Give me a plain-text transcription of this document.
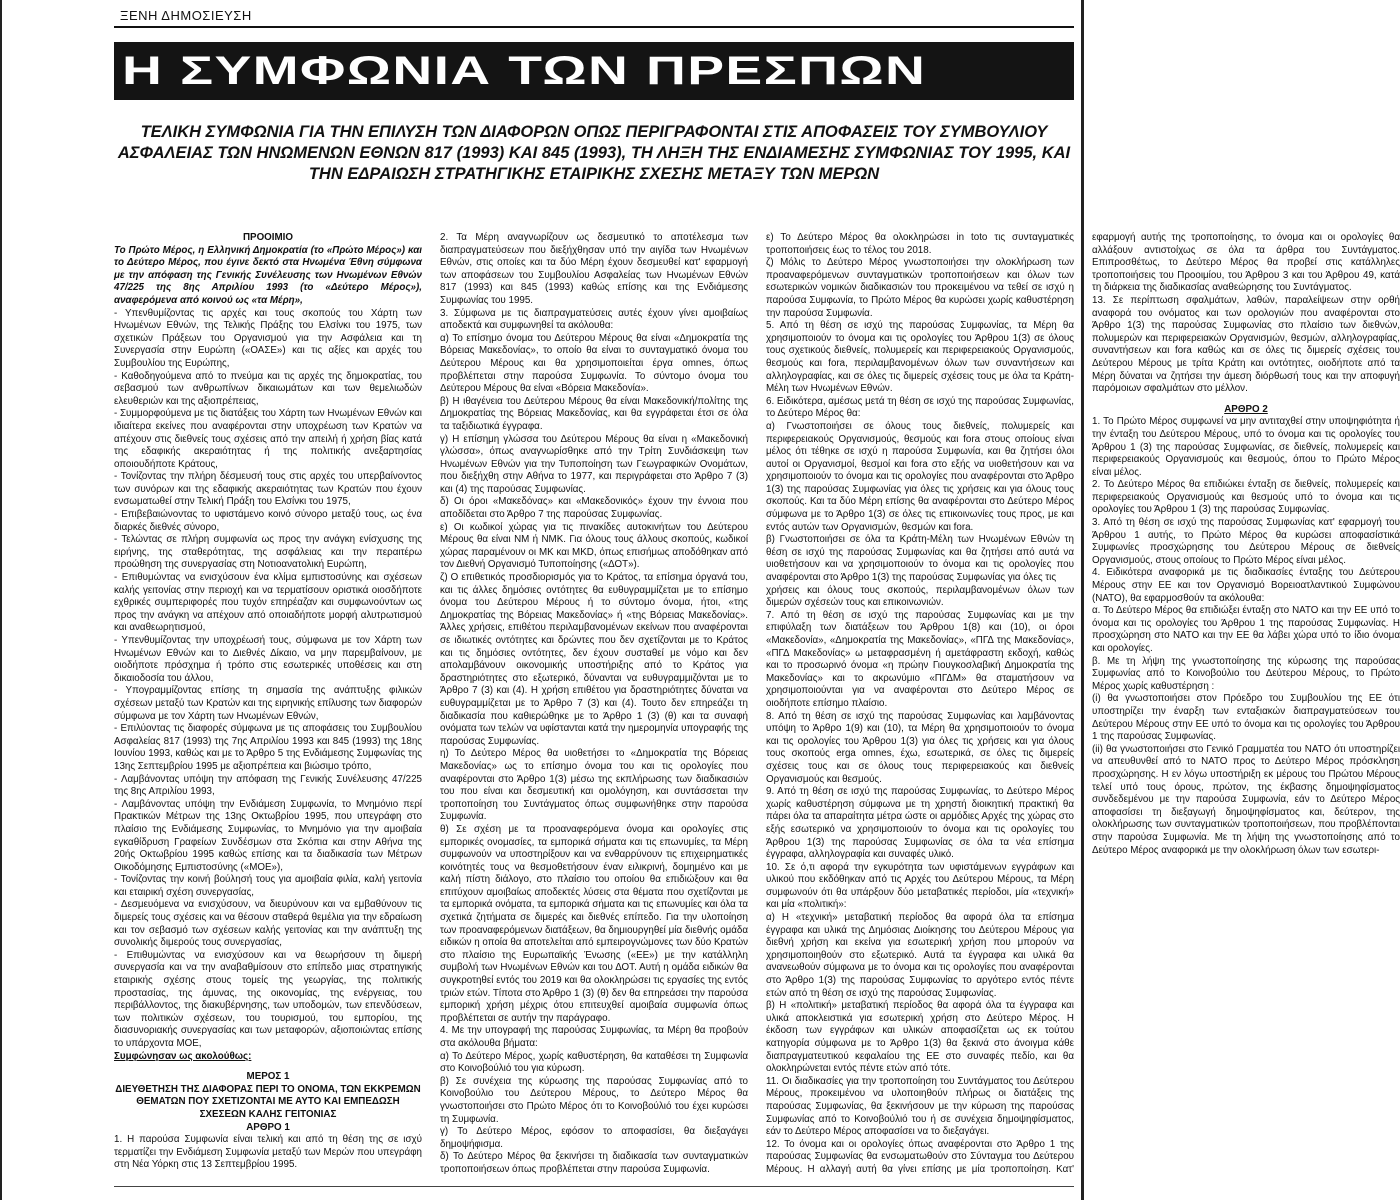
ΞΕΝΗ ΔΗΜΟΣΙΕΥΣΗ
Η ΣΥΜΦΩΝΙΑ ΤΩΝ ΠΡΕΣΠΩΝ
ΤΕΛΙΚΗ ΣΥΜΦΩΝΙΑ ΓΙΑ ΤΗΝ ΕΠΙΛΥΣΗ ΤΩΝ ΔΙΑΦΟΡΩΝ ΟΠΩΣ ΠΕΡΙΓΡΑΦΟΝΤΑΙ ΣΤΙΣ ΑΠΟΦΑΣΕΙΣ ΤΟΥ ΣΥΜΒΟΥΛΙΟΥ ΑΣΦΑΛΕΙΑΣ ΤΩΝ ΗΝΩΜΕΝΩΝ ΕΘΝΩΝ 817 (1993) ΚΑΙ 845 (1993), ΤΗ ΛΗΞΗ ΤΗΣ ΕΝΔΙΑΜΕΣΗΣ ΣΥΜΦΩΝΙΑΣ ΤΟΥ 1995, ΚΑΙ ΤΗΝ ΕΔΡΑΙΩΣΗ ΣΤΡΑΤΗΓΙΚΗΣ ΕΤΑΙΡΙΚΗΣ ΣΧΕΣΗΣ ΜΕΤΑΞΥ ΤΩΝ ΜΕΡΩΝ

ΠΡΟΟΙΜΙΟ

Το Πρώτο Μέρος, η Ελληνική Δημοκρατία (το «Πρώτο Μέρος») και το Δεύτερο Μέρος, που έγινε δεκτό στα Ηνωμένα Έθνη σύμφωνα με την απόφαση της Γενικής Συνέλευσης των Ηνωμένων Εθνών 47/225 της 8ης Απριλίου 1993 (το «Δεύτερο Μέρος»), αναφερόμενα από κοινού ως «τα Μέρη»,

- Υπενθυμίζοντας τις αρχές και τους σκοπούς του Χάρτη των Ηνωμένων Εθνών, της Τελικής Πράξης του Ελσίνκι του 1975, των σχετικών Πράξεων του Οργανισμού για την Ασφάλεια και τη Συνεργασία στην Ευρώπη («ΟΑΣΕ») και τις αξίες και αρχές του Συμβουλίου της Ευρώπης,

- Καθοδηγούμενα από το πνεύμα και τις αρχές της δημοκρατίας, του σεβασμού των ανθρωπίνων δικαιωμάτων και των θεμελιωδών ελευθεριών και της αξιοπρέπειας,

- Συμμορφούμενα με τις διατάξεις του Χάρτη των Ηνωμένων Εθνών και ιδιαίτερα εκείνες που αναφέρονται στην υποχρέωση των Κρατών να απέχουν στις διεθνείς τους σχέσεις από την απειλή ή χρήση βίας κατά της εδαφικής ακεραιότητας ή της πολιτικής ανεξαρτησίας οποιουδήποτε Κράτους,

- Τονίζοντας την πλήρη δέσμευσή τους στις αρχές του υπερβαίνοντος των συνόρων και της εδαφικής ακεραιότητας των Κρατών που έχουν ενσωματωθεί στην Τελική Πράξη του Ελσίνκι του 1975,

- Επιβεβαιώνοντας το υφιστάμενο κοινό σύνορο μεταξύ τους, ως ένα διαρκές διεθνές σύνορο,

- Τελώντας σε πλήρη συμφωνία ως προς την ανάγκη ενίσχυσης της ειρήνης, της σταθερότητας, της ασφάλειας και την περαιτέρω προώθηση της συνεργασίας στη Νοτιοανατολική Ευρώπη,

- Επιθυμώντας να ενισχύσουν ένα κλίμα εμπιστοσύνης και σχέσεων καλής γειτονίας στην περιοχή και να τερματίσουν οριστικά οιοσδήποτε εχθρικές συμπεριφορές που τυχόν επηρέαζαν και συμφωνούντων ως προς την ανάγκη να απέχουν από οποιαδήποτε μορφή αλυτρωτισμού και αναθεωρητισμού,

- Υπενθυμίζοντας την υποχρέωσή τους, σύμφωνα με τον Χάρτη των Ηνωμένων Εθνών και το Διεθνές Δίκαιο, να μην παρεμβαίνουν, με οιοδήποτε πρόσχημα ή τρόπο στις εσωτερικές υποθέσεις και στη δικαιοδοσία του άλλου,

- Υπογραμμίζοντας επίσης τη σημασία της ανάπτυξης φιλικών σχέσεων μεταξύ των Κρατών και της ειρηνικής επίλυσης των διαφορών σύμφωνα με τον Χάρτη των Ηνωμένων Εθνών,

- Επιλύοντας τις διαφορές σύμφωνα με τις αποφάσεις του Συμβουλίου Ασφαλείας 817 (1993) της 7ης Απριλίου 1993 και 845 (1993) της 18ης Ιουνίου 1993, καθώς και με το Άρθρο 5 της Ενδιάμεσης Συμφωνίας της 13ης Σεπτεμβρίου 1995 με αξιοπρέπεια και βιώσιμο τρόπο,

- Λαμβάνοντας υπόψη την απόφαση της Γενικής Συνέλευσης 47/225 της 8ης Απριλίου 1993,

- Λαμβάνοντας υπόψη την Ενδιάμεση Συμφωνία, το Μνημόνιο περί Πρακτικών Μέτρων της 13ης Οκτωβρίου 1995, που υπεγράφη στο πλαίσιο της Ενδιάμεσης Συμφωνίας, το Μνημόνιο για την αμοιβαία εγκαθίδρυση Γραφείων Συνδέσμων στα Σκόπια και στην Αθήνα της 20ής Οκτωβρίου 1995 καθώς επίσης και τα διαδικασία των Μέτρων Οικοδόμησης Εμπιστοσύνης («ΜΟΕ»),

- Τονίζοντας την κοινή βούλησή τους για αμοιβαία φιλία, καλή γειτονία και εταιρική σχέση συνεργασίας,

- Δεσμευόμενα να ενισχύσουν, να διευρύνουν και να εμβαθύνουν τις διμερείς τους σχέσεις και να θέσουν σταθερά θεμέλια για την εδραίωση και τον σεβασμό των σχέσεων καλής γειτονίας και την ανάπτυξη της συνολικής διμερούς τους συνεργασίας,

- Επιθυμώντας να ενισχύσουν και να θεωρήσουν τη διμερή συνεργασία και να την αναβαθμίσουν στο επίπεδο μιας στρατηγικής εταιρικής σχέσης στους τομείς της γεωργίας, της πολιτικής προστασίας, της άμυνας, της οικονομίας, της ενέργειας, του περιβάλλοντος, της διακυβέρνησης, των υποδομών, των επενδύσεων, των πολιτικών σχέσεων, του τουρισμού, του εμπορίου, της διασυνοριακής συνεργασίας και των μεταφορών, αξιοποιώντας επίσης το υπάρχοντα ΜΟΕ,

Συμφώνησαν ως ακολούθως:

ΜΕΡΟΣ 1

ΔΙΕΥΘΕΤΗΣΗ ΤΗΣ ΔΙΑΦΟΡΑΣ ΠΕΡΙ ΤΟ ΟΝΟΜΑ, ΤΩΝ ΕΚΚΡΕΜΩΝ ΘΕΜΑΤΩΝ ΠΟΥ ΣΧΕΤΙΖΟΝΤΑΙ ΜΕ ΑΥΤΟ ΚΑΙ ΕΜΠΕΔΩΣΗ ΣΧΕΣΕΩΝ ΚΑΛΗΣ ΓΕΙΤΟΝΙΑΣ

ΑΡΘΡΟ 1

1. Η παρούσα Συμφωνία είναι τελική και από τη θέση της σε ισχύ τερματίζει την Ενδιάμεση Συμφωνία μεταξύ των Μερών που υπεγράφη στη Νέα Υόρκη στις 13 Σεπτεμβρίου 1995.

2. Τα Μέρη αναγνωρίζουν ως δεσμευτικό το αποτέλεσμα των διαπραγματεύσεων που διεξήχθησαν υπό την αιγίδα των Ηνωμένων Εθνών, στις οποίες και τα δύο Μέρη έχουν δεσμευθεί κατ' εφαρμογή των αποφάσεων του Συμβουλίου Ασφαλείας των Ηνωμένων Εθνών 817 (1993) και 845 (1993) καθώς επίσης και της Ενδιάμεσης Συμφωνίας του 1995.

3. Σύμφωνα με τις διαπραγματεύσεις αυτές έχουν γίνει αμοιβαίως αποδεκτά και συμφωνηθεί τα ακόλουθα:

α) Το επίσημο όνομα του Δεύτερου Μέρους θα είναι «Δημοκρατία της Βόρειας Μακεδονίας», το οποίο θα είναι το συνταγματικό όνομα του Δεύτερου Μέρους και θα χρησιμοποιείται έργα omnes, όπως προβλέπεται στην παρούσα Συμφωνία. Το σύντομο όνομα του Δεύτερου Μέρους θα είναι «Βόρεια Μακεδονία».

β) Η ιθαγένεια του Δεύτερου Μέρους θα είναι Μακεδονική/πολίτης της Δημοκρατίας της Βόρειας Μακεδονίας, και θα εγγράφεται έτσι σε όλα τα ταξιδιωτικά έγγραφα.

γ) Η επίσημη γλώσσα του Δεύτερου Μέρους θα είναι η «Μακεδονική γλώσσα», όπως αναγνωρίσθηκε από την Τρίτη Συνδιάσκεψη των Ηνωμένων Εθνών για την Τυποποίηση των Γεωγραφικών Ονομάτων, που διεξήχθη στην Αθήνα το 1977, και περιγράφεται στο Άρθρο 7 (3) και (4) της παρούσας Συμφωνίας.

δ) Οι όροι «Μακεδόνας» και «Μακεδονικός» έχουν την έννοια που αποδίδεται στο Άρθρο 7 της παρούσας Συμφωνίας.

ε) Οι κωδικοί χώρας για τις πινακίδες αυτοκινήτων του Δεύτερου Μέρους θα είναι NM ή NMK. Για όλους τους άλλους σκοπούς, κωδικοί χώρας παραμένουν οι MK και MKD, όπως επισήμως αποδόθηκαν από τον Διεθνή Οργανισμό Τυποποίησης («ΔΟΤ»).

ζ) Ο επιθετικός προσδιορισμός για το Κράτος, τα επίσημα όργανά του, και τις άλλες δημόσιες οντότητες θα ευθυγραμμίζεται με το επίσημο όνομα του Δεύτερου Μέρους ή το σύντομο όνομα, ήτοι, «της Δημοκρατίας της Βόρειας Μακεδονίας» ή «της Βόρειας Μακεδονίας». Άλλες χρήσεις, επιθέτου περιλαμβανομένων εκείνων που αναφέρονται σε ιδιωτικές οντότητες και δρώντες που δεν σχετίζονται με το Κράτος και τις δημόσιες οντότητες, δεν έχουν συσταθεί με νόμο και δεν απολαμβάνουν οικονομικής υποστήριξης από το Κράτος για δραστηριότητες στο εξωτερικό, δύνανται να ευθυγραμμιζόνται με το Άρθρο 7 (3) και (4). Η χρήση επιθέτου για δραστηριότητες δύναται να ευθυγραμμίζεται με το Άρθρο 7 (3) και (4). Τουτο δεν επηρεάζει τη διαδικασία που καθιερώθηκε με το Άρθρο 1 (3) (θ) και τα συναφή ονόματα των τελών να υφίστανται κατά την ημερομηνία υπογραφής της παρούσας Συμφωνίας.

η) Το Δεύτερο Μέρος θα υιοθετήσει το «Δημοκρατία της Βόρειας Μακεδονίας» ως το επίσημο όνομα του και τις ορολογίες που αναφέρονται στο Άρθρο 1(3) μέσω της εκπλήρωσης των διαδικασιών του που είναι και δεσμευτική και ομολόγηση, και συντάσσεται την τροποποίηση του Συντάγματος όπως συμφωνήθηκε στην παρούσα Συμφωνία.

θ) Σε σχέση με τα προαναφερόμενα όνομα και ορολογίες στις εμπορικές ονομασίες, τα εμπορικά σήματα και τις επωνυμίες, τα Μέρη συμφωνούν να υποστηρίξουν και να ενθαρρύνουν τις επιχειρηματικές κοινότητές τους να θεσμοθετήσουν έναν ειλικρινή, δομημένο και με καλή πίστη διάλογο, στο πλαίσιο του οποίου θα επιδιώξουν και θα επιτύχουν αμοιβαίως αποδεκτές λύσεις στα θέματα που σχετίζονται με τα εμπορικά ονόματα, τα εμπορικά σήματα και τις επωνυμίες και όλα τα σχετικά ζητήματα σε διμερές και διεθνές επίπεδο. Για την υλοποίηση των προαναφερόμενων διατάξεων, θα δημιουργηθεί μία διεθνής ομάδα ειδικών η οποία θα αποτελείται από εμπειρογνώμονες των δύο Κρατών στο πλαίσιο της Ευρωπαϊκής Ένωσης («ΕΕ») με την κατάλληλη συμβολή των Ηνωμένων Εθνών και του ΔΟΤ. Αυτή η ομάδα ειδικών θα συγκροτηθεί εντός του 2019 και θα ολοκληρώσει τις εργασίες της εντός τριών ετών. Τίποτα στο Άρθρο 1 (3) (θ) δεν θα επηρεάσει την παρούσα εμπορική χρήση μέχρις ότου επιτευχθεί αμοιβαία συμφωνία όπως προβλέπεται σε αυτήν την παράγραφο.

4. Με την υπογραφή της παρούσας Συμφωνίας, τα Μέρη θα προβούν στα ακόλουθα βήματα:

α) Το Δεύτερο Μέρος, χωρίς καθυστέρηση, θα καταθέσει τη Συμφωνία στο Κοινοβούλιό του για κύρωση.

β) Σε συνέχεια της κύρωσης της παρούσας Συμφωνίας από το Κοινοβούλιο του Δεύτερου Μέρους, το Δεύτερο Μέρος θα γνωστοποιήσει στο Πρώτο Μέρος ότι το Κοινοβούλιό του έχει κυρώσει τη Συμφωνία.

γ) Το Δεύτερο Μέρος, εφόσον το αποφασίσει, θα διεξαγάγει δημοψήφισμα.

δ) Το Δεύτερο Μέρος θα ξεκινήσει τη διαδικασία των συνταγματικών τροποποιήσεων όπως προβλέπεται στην παρούσα Συμφωνία.

ε) Το Δεύτερο Μέρος θα ολοκληρώσει in toto τις συνταγματικές τροποποιήσεις έως το τέλος του 2018.

ζ) Μόλις το Δεύτερο Μέρος γνωστοποιήσει την ολοκλήρωση των προαναφερόμενων συνταγματικών τροποποιήσεων και όλων των εσωτερικών νομικών διαδικασιών του προκειμένου να τεθεί σε ισχύ η παρούσα Συμφωνία, το Πρώτο Μέρος θα κυρώσει χωρίς καθυστέρηση την παρούσα Συμφωνία.

5. Από τη θέση σε ισχύ της παρούσας Συμφωνίας, τα Μέρη θα χρησιμοποιούν το όνομα και τις ορολογίες του Άρθρου 1(3) σε όλους τους σχετικούς διεθνείς, πολυμερείς και περιφερειακούς Οργανισμούς, θεσμούς και fora, περιλαμβανομένων όλων των συναντήσεων και αλληλογραφίας, και σε όλες τις διμερείς σχέσεις τους με όλα τα Κράτη-Μέλη των Ηνωμένων Εθνών.

6. Ειδικότερα, αμέσως μετά τη θέση σε ισχύ της παρούσας Συμφωνίας, το Δεύτερο Μέρος θα:

α) Γνωστοποιήσει σε όλους τους διεθνείς, πολυμερείς και περιφερειακούς Οργανισμούς, θεσμούς και fora στους οποίους είναι μέλος ότι τέθηκε σε ισχύ η παρούσα Συμφωνία, και θα ζητήσει όλοι αυτοί οι Οργανισμοί, θεσμοί και fora στο εξής να υιοθετήσουν και να χρησιμοποιούν το όνομα και τις ορολογίες που αναφέρονται στο Άρθρο 1(3) της παρούσας Συμφωνίας για όλες τις χρήσεις και για όλους τους σκοπούς. Και τα δύο Μέρη επίσης θα αναφέρονται στο Δεύτερο Μέρος σύμφωνα με το Άρθρο 1(3) σε όλες τις επικοινωνίες τους προς, με και εντός αυτών των Οργανισμών, θεσμών και fora.

β) Γνωστοποιήσει σε όλα τα Κράτη-Μέλη των Ηνωμένων Εθνών τη θέση σε ισχύ της παρούσας Συμφωνίας και θα ζητήσει από αυτά να υιοθετήσουν και να χρησιμοποιούν το όνομα και τις ορολογίες που αναφέρονται στο Άρθρο 1(3) της παρούσας Συμφωνίας για όλες τις

χρήσεις και όλους τους σκοπούς, περιλαμβανομένων όλων των διμερών σχέσεών τους και επικοινωνιών.

7. Από τη θέση σε ισχύ της παρούσας Συμφωνίας και με την επιφύλαξη των διατάξεων του Άρθρου 1(8) και (10), οι όροι «Μακεδονία», «Δημοκρατία της Μακεδονίας», «ΠΓΔ της Μακεδονίας», «ΠΓΔ Μακεδονίας» ω μεταφρασμένη ή αμετάφραστη εκδοχή, καθώς και το προσωρινό όνομα «η πρώην Γιουγκοσλαβική Δημοκρατία της Μακεδονίας» και το ακρωνύμιο «ΠΓΔΜ» θα σταματήσουν να χρησιμοποιούνται για να αναφέρονται στο Δεύτερο Μέρος σε οιοδήποτε επίσημο πλαίσιο.

8. Από τη θέση σε ισχύ της παρούσας Συμφωνίας και λαμβάνοντας υπόψη το Άρθρο 1(9) και (10), τα Μέρη θα χρησιμοποιούν το όνομα και τις ορολογίες του Άρθρου 1(3) για όλες τις χρήσεις και για όλους τους σκοπούς erga omnes, έχω, εσωτερικά, σε όλες τις διμερείς σχέσεις τους και σε όλους τους περιφερειακούς και διεθνείς Οργανισμούς και θεσμούς.

9. Από τη θέση σε ισχύ της παρούσας Συμφωνίας, το Δεύτερο Μέρος χωρίς καθυστέρηση σύμφωνα με τη χρηστή διοικητική πρακτική θα πάρει όλα τα απαραίτητα μέτρα ώστε οι αρμόδιες Αρχές της χώρας στο εξής εσωτερικό να χρησιμοποιούν το όνομα και τις ορολογίες του Άρθρου 1(3) της παρούσας Συμφωνίας σε όλα τα νέα επίσημα έγγραφα, αλληλογραφία και συναφές υλικό.

10. Σε ό,τι αφορά την εγκυρότητα των υφιστάμενων εγγράφων και υλικού που εκδόθηκαν από τις Αρχές του Δεύτερου Μέρους, τα Μέρη συμφωνούν ότι θα υπάρξουν δύο μεταβατικές περίοδοι, μία «τεχνική» και μία «πολιτική»:

α) Η «τεχνική» μεταβατική περίοδος θα αφορά όλα τα επίσημα έγγραφα και υλικά της Δημόσιας Διοίκησης του Δεύτερου Μέρους για διεθνή χρήση και εκείνα για εσωτερική χρήση που μπορούν να χρησιμοποιηθούν στο εξωτερικό. Αυτά τα έγγραφα και υλικά θα ανανεωθούν σύμφωνα με το όνομα και τις ορολογίες που αναφέρονται στο Άρθρο 1(3) της παρούσας Συμφωνίας το αργότερο εντός πέντε ετών από τη θέση σε ισχύ της παρούσας Συμφωνίας.

β) Η «πολιτική» μεταβατική περίοδος θα αφορά όλα τα έγγραφα και υλικά αποκλειστικά για εσωτερική χρήση στο Δεύτερο Μέρος. Η έκδοση των εγγράφων και υλικών αποφασίζεται ως εκ τούτου κατηγορία σύμφωνα με το Άρθρο 1(3) θα ξεκινά στο άνοιγμα κάθε διαπραγματευτικού κεφαλαίου της ΕΕ στο συναφές πεδίο, και θα ολοκληρώνεται εντός πέντε ετών από τότε.

11. Οι διαδικασίες για την τροποποίηση του Συντάγματος του Δεύτερου Μέρους, προκειμένου να υλοποιηθούν πλήρως οι διατάξεις της παρούσας Συμφωνίας, θα ξεκινήσουν με την κύρωση της παρούσας Συμφωνίας από το Κοινοβούλιό του ή σε συνέχεια δημοψηφίσματος, εάν το Δεύτερο Μέρος αποφασίσει να το διεξαγάγει.

12. Το όνομα και οι ορολογίες όπως αναφέρονται στο Άρθρο 1 της παρούσας Συμφωνίας θα ενσωματωθούν στο Σύνταγμα του Δεύτερου Μέρους. Η αλλαγή αυτή θα γίνει επίσης με μία τροποποίηση. Κατ' εφαρμογή αυτής της τροποποίησης, το όνομα και οι ορολογίες θα αλλάξουν αντιστοίχως σε όλα τα άρθρα του Συντάγματος. Επιπροσθέτως, το Δεύτερο Μέρος θα προβεί στις κατάλληλες τροποποιήσεις του Προοιμίου, του Άρθρου 3 και του Άρθρου 49, κατά τη διάρκεια της διαδικασίας αναθεώρησης του Συντάγματος.

13. Σε περίπτωση σφαλμάτων, λαθών, παραλείψεων στην ορθή αναφορά του ονόματος και των ορολογιών που αναφέρονται στο Άρθρο 1(3) της παρούσας Συμφωνίας στο πλαίσιο των διεθνών, πολυμερών και περιφερειακών Οργανισμών, θεσμών, αλληλογραφίας, συναντήσεων και fora καθώς και σε όλες τις διμερείς σχέσεις του Δεύτερου Μέρους με τρίτα Κράτη και οντότητες, οιοδήποτε από τα Μέρη δύναται να ζητήσει την άμεση διόρθωσή τους και την αποφυγή παρόμοιων σφαλμάτων στο μέλλον.

ΑΡΘΡΟ 2

1. Το Πρώτο Μέρος συμφωνεί να μην αντιταχθεί στην υποψηφιότητα ή την ένταξη του Δεύτερου Μέρους, υπό το όνομα και τις ορολογίες του Άρθρου 1 (3) της παρούσας Συμφωνίας, σε διεθνείς, πολυμερείς και περιφερειακούς Οργανισμούς και θεσμούς, όπου το Πρώτο Μέρος είναι μέλος.

2. Το Δεύτερο Μέρος θα επιδιώκει ένταξη σε διεθνείς, πολυμερείς και περιφερειακούς Οργανισμούς και θεσμούς υπό το όνομα και τις ορολογίες του Άρθρου 1 (3) της παρούσας Συμφωνίας.

3. Από τη θέση σε ισχύ της παρούσας Συμφωνίας κατ' εφαρμογή του Άρθρου 1 αυτής, το Πρώτο Μέρος θα κυρώσει αποφασίστικά Συμφωνίες προσχώρησης του Δεύτερου Μέρους σε διεθνείς Οργανισμούς, στους οποίους το Πρώτο Μέρος είναι μέλος.

4. Ειδικότερα αναφορικά με τις διαδικασίες ένταξης του Δεύτερου Μέρους στην ΕΕ και τον Οργανισμό Βορειοατλαντικού Συμφώνου (ΝΑΤΟ), θα εφαρμοσθούν τα ακόλουθα:

α. Το Δεύτερο Μέρος θα επιδιώξει ένταξη στο ΝΑΤΟ και την ΕΕ υπό το όνομα και τις ορολογίες του Άρθρου 1 της παρούσας Συμφωνίας. Η προσχώρηση στο ΝΑΤΟ και την ΕΕ θα λάβει χώρα υπό το ίδιο όνομα και ορολογίες.

β. Με τη λήψη της γνωστοποίησης της κύρωσης της παρούσας Συμφωνίας από το Κοινοβούλιο του Δεύτερου Μέρους, το Πρώτο Μέρος χωρίς καθυστέρηση :

(i) θα γνωστοποιήσει στον Πρόεδρο του Συμβουλίου της ΕΕ ότι υποστηρίζει την έναρξη των ενταξιακών διαπραγματεύσεων του Δεύτερου Μέρους στην ΕΕ υπό το όνομα και τις ορολογίες του Άρθρου 1 της παρούσας Συμφωνίας.

(ii) θα γνωστοποιήσει στο Γενικό Γραμματέα του ΝΑΤΟ ότι υποστηρίζει να απευθυνθεί από το ΝΑΤΟ προς το Δεύτερο Μέρος πρόσκληση προσχώρησης. Η εν λόγω υποστήριξη εκ μέρους του Πρώτου Μέρους τελεί υπό τους όρους, πρώτον, της έκβασης δημοψηφίσματος συνδεδεμένου με την παρούσα Συμφωνία, εάν το Δεύτερο Μέρος αποφασίσει τη διεξαγωγή δημοψηφίσματος και, δεύτερον, της ολοκλήρωσης των συνταγματικών τροποποιήσεων, που προβλέπονται στην παρούσα Συμφωνία. Με τη λήψη της γνωστοποίησης από το Δεύτερο Μέρος αναφορικά με την ολοκλήρωση όλων των εσωτερι-
